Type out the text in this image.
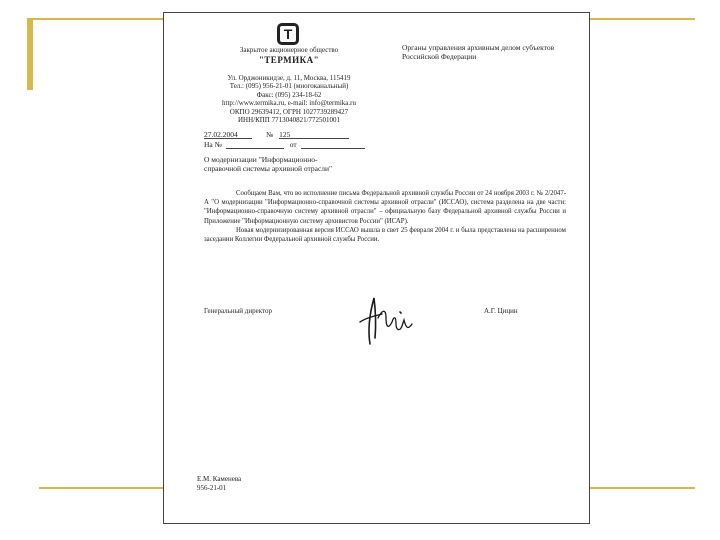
Т
Закрытое акционерное общество
"ТЕРМИКА"
Ул. Орджоникидзе, д. 11, Москва, 115419
Тел.: (095) 956-21-01 (многоканальный)
Факс: (095) 234-18-62
http://www.termika.ru, e-mail: info@termika.ru
ОКПО 29639412, ОГРН 1027739289427
ИНН/КПП 7713040821/772501001
Органы управления архивным делом субъектов Российской Федерации
27.02.2004	№ 125
На №	от
О модернизации "Информационно-справочной системы архивной отрасли"

Сообщаем Вам, что во исполнение письма Федеральной архивной службы России от 24 ноября 2003 г. № 2/2047-А "О модернизации "Информационно-справочной системы архивной отрасли" (ИССАО), система разделена на две части: "Информационно-справочную систему архивной отрасли" – официальную базу Федеральной архивной службы России и Приложение "Информационную систему архивистов России" (ИСАР).

Новая модернизированная версия ИССАО вышла в свет 25 февраля 2004 г. и была представлена на расширенном заседании Коллегии Федеральной архивной службы России.

Генеральный директор	А.Г. Цицин
Е.М. Каменева
956-21-01
